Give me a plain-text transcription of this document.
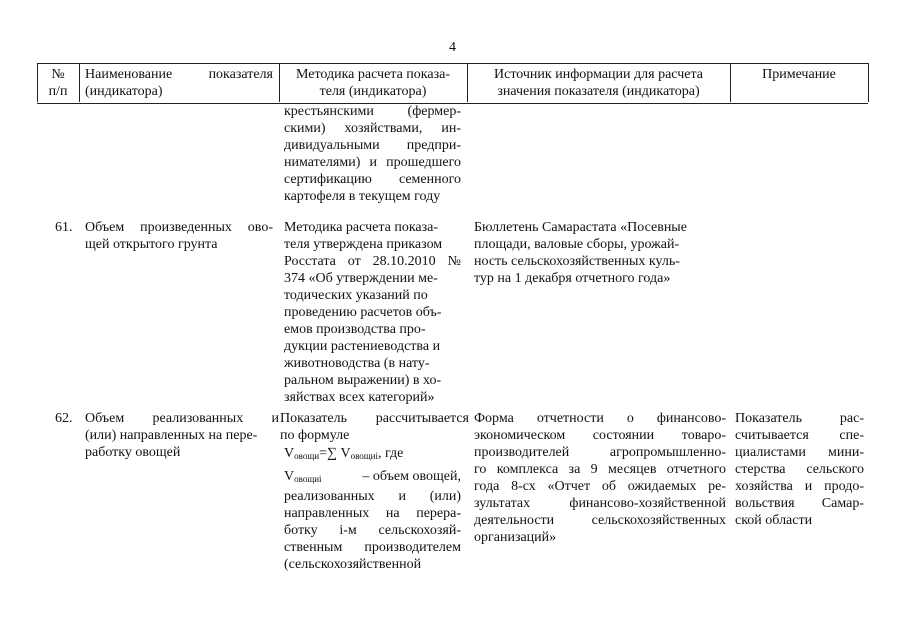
4
№
п/п
Наименование показателя
(индикатора)
Методика расчета показа-
теля (индикатора)
Источник информации для расчета
значения показателя (индикатора)
Примечание
крестьянскими (фермер-
скими) хозяйствами, ин-
дивидуальными предпри-
нимателями) и прошедшего
сертификацию семенного
картофеля в текущем году
61. Объем произведенных ово-
щей открытого грунта
Методика расчета показа-
теля утверждена приказом
Росстата от 28.10.2010 №
374 «Об утверждении ме-
тодических указаний по
проведению расчетов объ-
емов производства про-
дукции растениеводства и
животноводства (в нату-
ральном выражении) в хо-
зяйствах всех категорий»
Бюллетень Самарастата «Посевные
площади, валовые сборы, урожай-
ность сельскохозяйственных куль-
тур на 1 декабря отчетного года»
62. Объем реализованных и
(или) направленных на пере-
работку овощей
Показатель рассчитывается
по формуле
$V_{овощи}=\sum$ $V_{овощиi}$, где
$V_{овощиi}$	– объем овощей,
реализованных и (или)
направленных на перера-
ботку i-м сельскохозяй-
ственным производителем
(сельскохозяйственной
Форма отчетности о финансово-
экономическом состоянии товаро-
производителей агропромышленно-
го комплекса за 9 месяцев отчетного
года 8-сх «Отчет об ожидаемых ре-
зультатах финансово-хозяйственной
деятельности сельскохозяйственных
организаций»
Показатель рас-
считывается спе-
циалистами мини-
стерства сельского
хозяйства и продо-
вольствия Самар-
ской области
